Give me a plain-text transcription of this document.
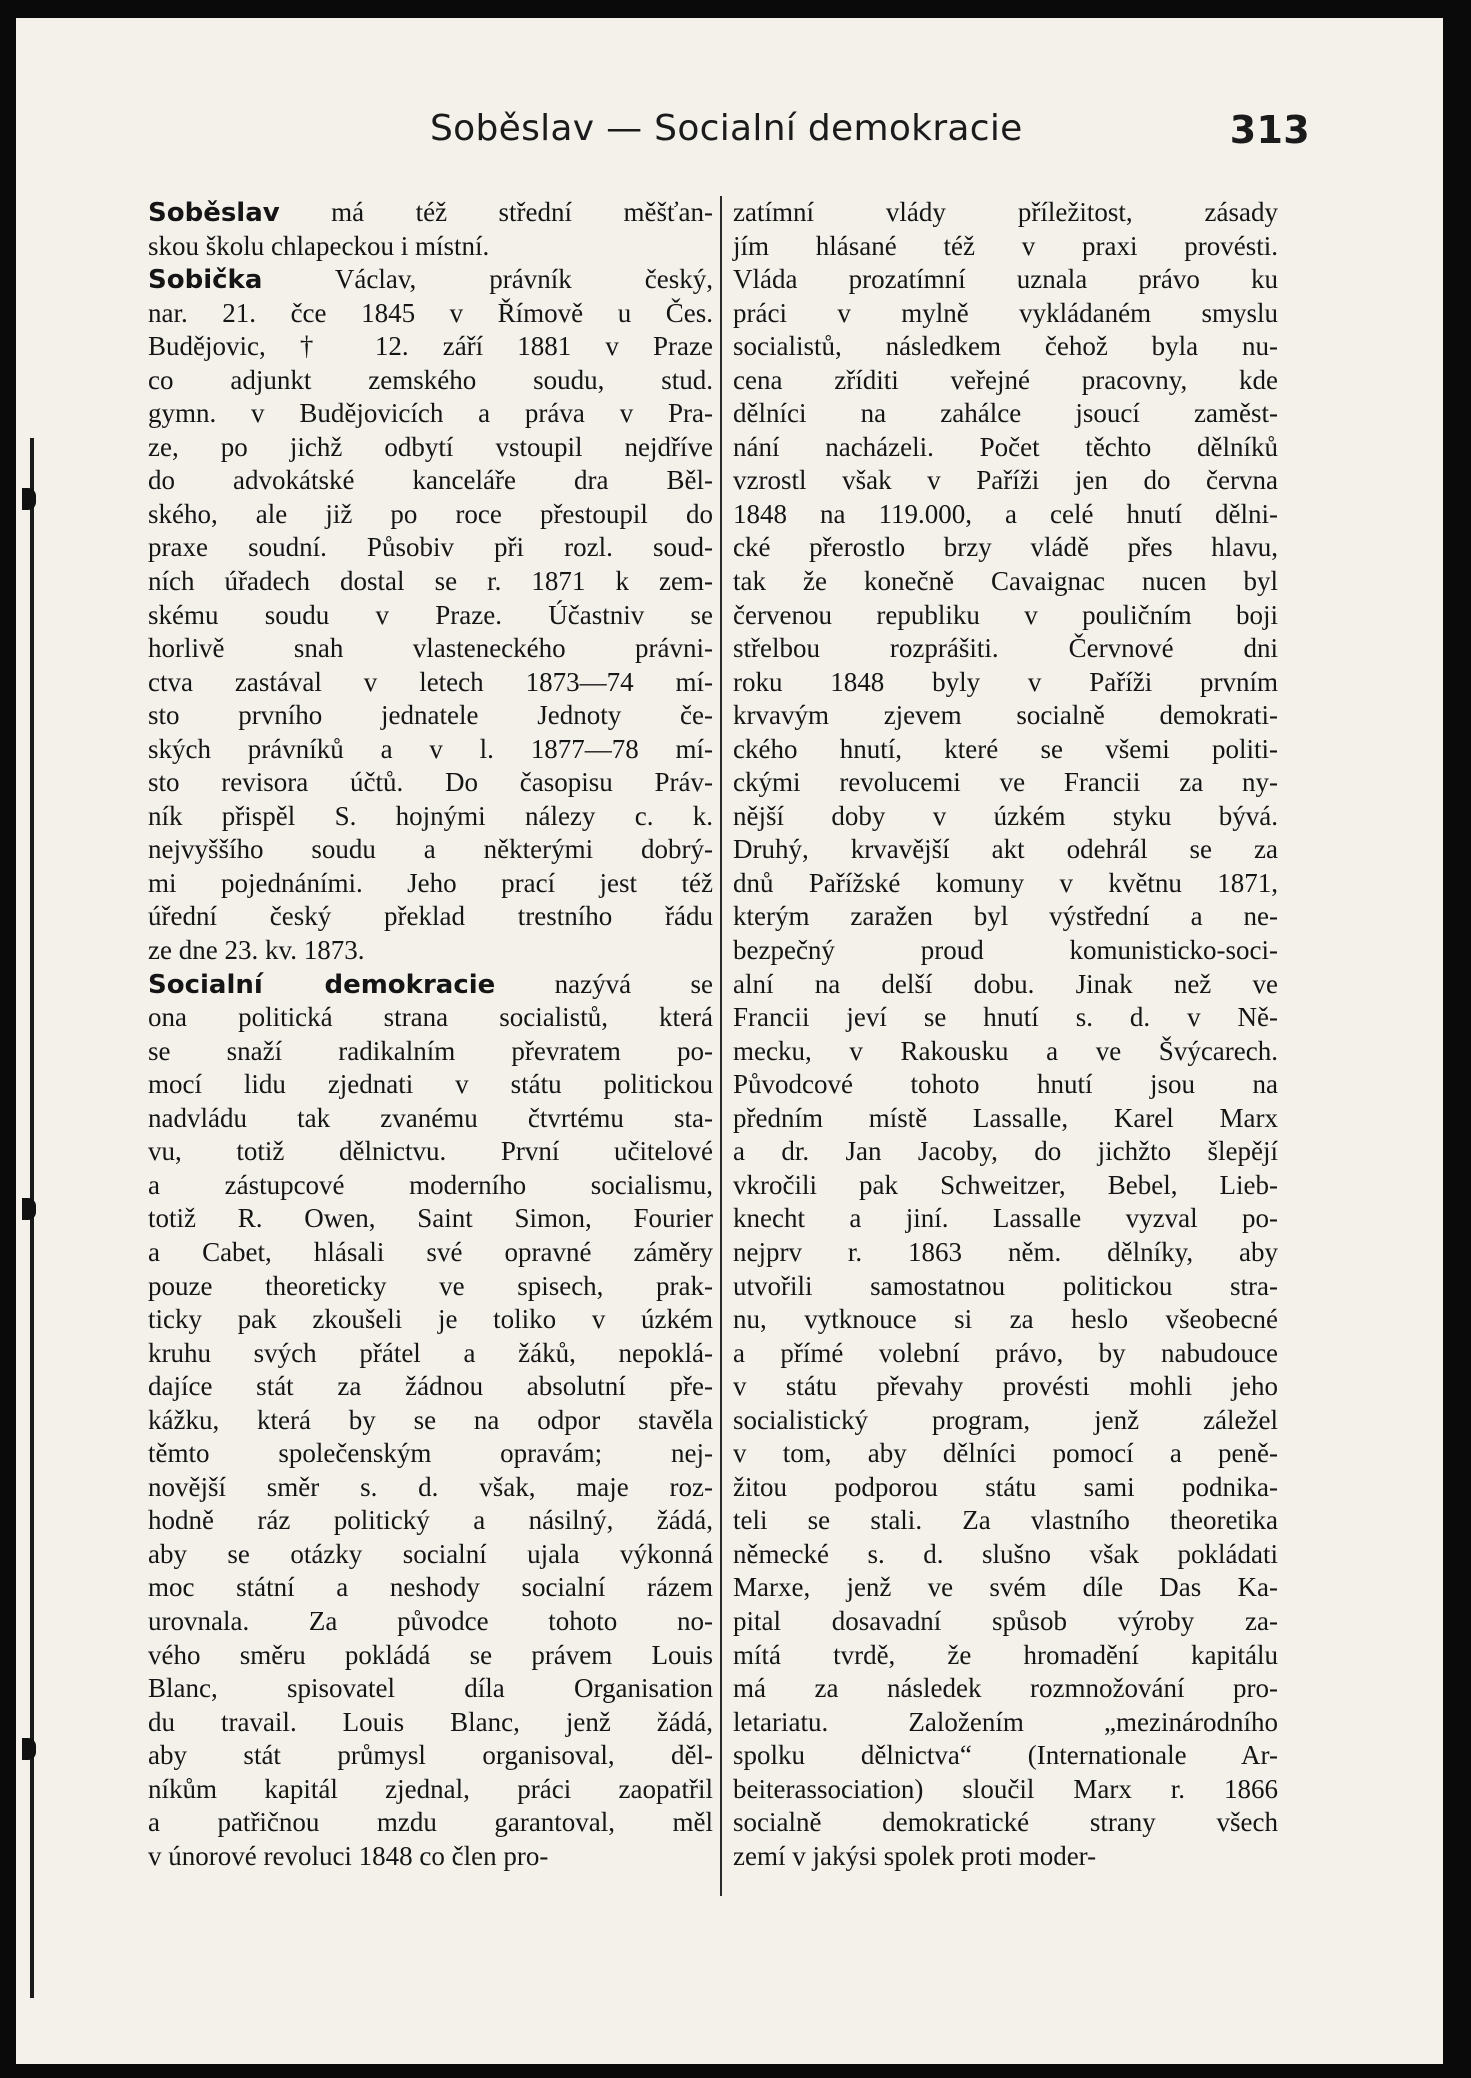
Soběslav — Socialní demokracie	313
Soběslav má též střední měšťan-
skou školu chlapeckou i místní.
Sobička Václav, právník český,
nar. 21. čce 1845 v Římově u Čes.
Budějovic, † 12. září 1881 v Praze
co adjunkt zemského soudu, stud.
gymn. v Budějovicích a práva v Pra-
ze, po jichž odbytí vstoupil nejdříve
do advokátské kanceláře dra Běl-
ského, ale již po roce přestoupil do
praxe soudní. Působiv při rozl. soud-
ních úřadech dostal se r. 1871 k zem-
skému soudu v Praze. Účastniv se
horlivě snah vlasteneckého právni-
ctva zastával v letech 1873—74 mí-
sto prvního jednatele Jednoty če-
ských právníků a v l. 1877—78 mí-
sto revisora účtů. Do časopisu Práv-
ník přispěl S. hojnými nálezy c. k.
nejvyššího soudu a některými dobrý-
mi pojednáními. Jeho prací jest též
úřední český překlad trestního řádu
ze dne 23. kv. 1873.
Socialní demokracie nazývá se
ona politická strana socialistů, která
se snaží radikalním převratem po-
mocí lidu zjednati v státu politickou
nadvládu tak zvanému čtvrtému sta-
vu, totiž dělnictvu. První učitelové
a zástupcové moderního socialismu,
totiž R. Owen, Saint Simon, Fourier
a Cabet, hlásali své opravné záměry
pouze theoreticky ve spisech, prak-
ticky pak zkoušeli je toliko v úzkém
kruhu svých přátel a žáků, nepoklá-
dajíce stát za žádnou absolutní pře-
kážku, která by se na odpor stavěla
těmto společenským opravám; nej-
novější směr s. d. však, maje roz-
hodně ráz politický a násilný, žádá,
aby se otázky socialní ujala výkonná
moc státní a neshody socialní rázem
urovnala. Za původce tohoto no-
vého směru pokládá se právem Louis
Blanc, spisovatel díla Organisation
du travail. Louis Blanc, jenž žádá,
aby stát průmysl organisoval, děl-
níkům kapitál zjednal, práci zaopatřil
a patřičnou mzdu garantoval, měl
v únorové revoluci 1848 co člen pro-
zatímní vlády příležitost, zásady
jím hlásané též v praxi provésti.
Vláda prozatímní uznala právo ku
práci v mylně vykládaném smyslu
socialistů, následkem čehož byla nu-
cena zříditi veřejné pracovny, kde
dělníci na zahálce jsoucí zaměst-
nání nacházeli. Počet těchto dělníků
vzrostl však v Paříži jen do června
1848 na 119.000, a celé hnutí dělni-
cké přerostlo brzy vládě přes hlavu,
tak že konečně Cavaignac nucen byl
červenou republiku v pouličním boji
střelbou rozprášiti. Červnové dni
roku 1848 byly v Paříži prvním
krvavým zjevem socialně demokrati-
ckého hnutí, které se všemi politi-
ckými revolucemi ve Francii za ny-
nější doby v úzkém styku bývá.
Druhý, krvavější akt odehrál se za
dnů Pařížské komuny v květnu 1871,
kterým zaražen byl výstřední a ne-
bezpečný proud komunisticko-soci-
alní na delší dobu. Jinak než ve
Francii jeví se hnutí s. d. v Ně-
mecku, v Rakousku a ve Švýcarech.
Původcové tohoto hnutí jsou na
předním místě Lassalle, Karel Marx
a dr. Jan Jacoby, do jichžto šlepějí
vkročili pak Schweitzer, Bebel, Lieb-
knecht a jiní. Lassalle vyzval po-
nejprv r. 1863 něm. dělníky, aby
utvořili samostatnou politickou stra-
nu, vytknouce si za heslo všeobecné
a přímé volební právo, by nabudouce
v státu převahy provésti mohli jeho
socialistický program, jenž záležel
v tom, aby dělníci pomocí a peně-
žitou podporou státu sami podnika-
teli se stali. Za vlastního theoretika
německé s. d. slušno však pokládati
Marxe, jenž ve svém díle Das Ka-
pital dosavadní spůsob výroby za-
mítá tvrdě, že hromadění kapitálu
má za následek rozmnožování pro-
letariatu. Založením „mezinárodního
spolku dělnictva“ (Internationale Ar-
beiterassociation) sloučil Marx r. 1866
socialně demokratické strany všech
zemí v jakýsi spolek proti moder-
